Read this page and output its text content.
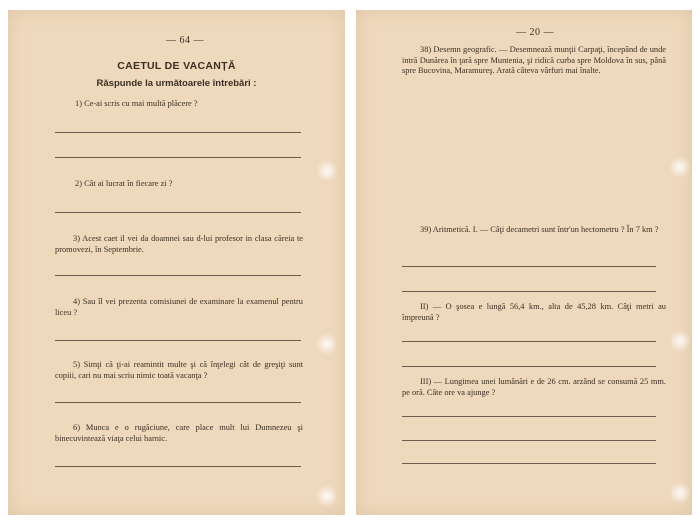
— 64 —
CAETUL DE VACANȚĂ
Răspunde la următoarele întrebări :
1) Ce-ai scris cu mai multă plăcere ?
2) Cât ai lucrat în fiecare zi ?
3) Acest caet il vei da doamnei sau d-lui profesor in clasa căreia te promovezi, în Septembrie.
4) Sau îl vei prezenta comisiunei de examinare la examenul pentru liceu ?
5) Simţi că ţi-ai reamintit multe şi că înţelegi cât de greşiţi sunt copiii, cari nu mai scriu nimic toată vacanţa ?
6) Munca e o rugăciune, care place mult lui Dumnezeu şi binecuvintează viaţa celui harnic.
— 20 —
38) Desemn geografic. — Desemnează munţii Carpaţi, începând de unde intră Dunărea în ţară spre Muntenia, şi ridică curba spre Moldova în sus, până spre Bucovina, Maramureş. Arată câteva vârfuri mai înalte.
39) Aritmetică. I. — Câţi decametri sunt într'un hectometru ? În 7 km ?
II) — O şosea e lungă 56,4 km., alta de 45,28 km. Câţi metri au împreună ?
III) — Lungimea unei lumânări e de 26 cm. arzând se consumă 25 mm. pe oră. Câte ore va ajunge ?
